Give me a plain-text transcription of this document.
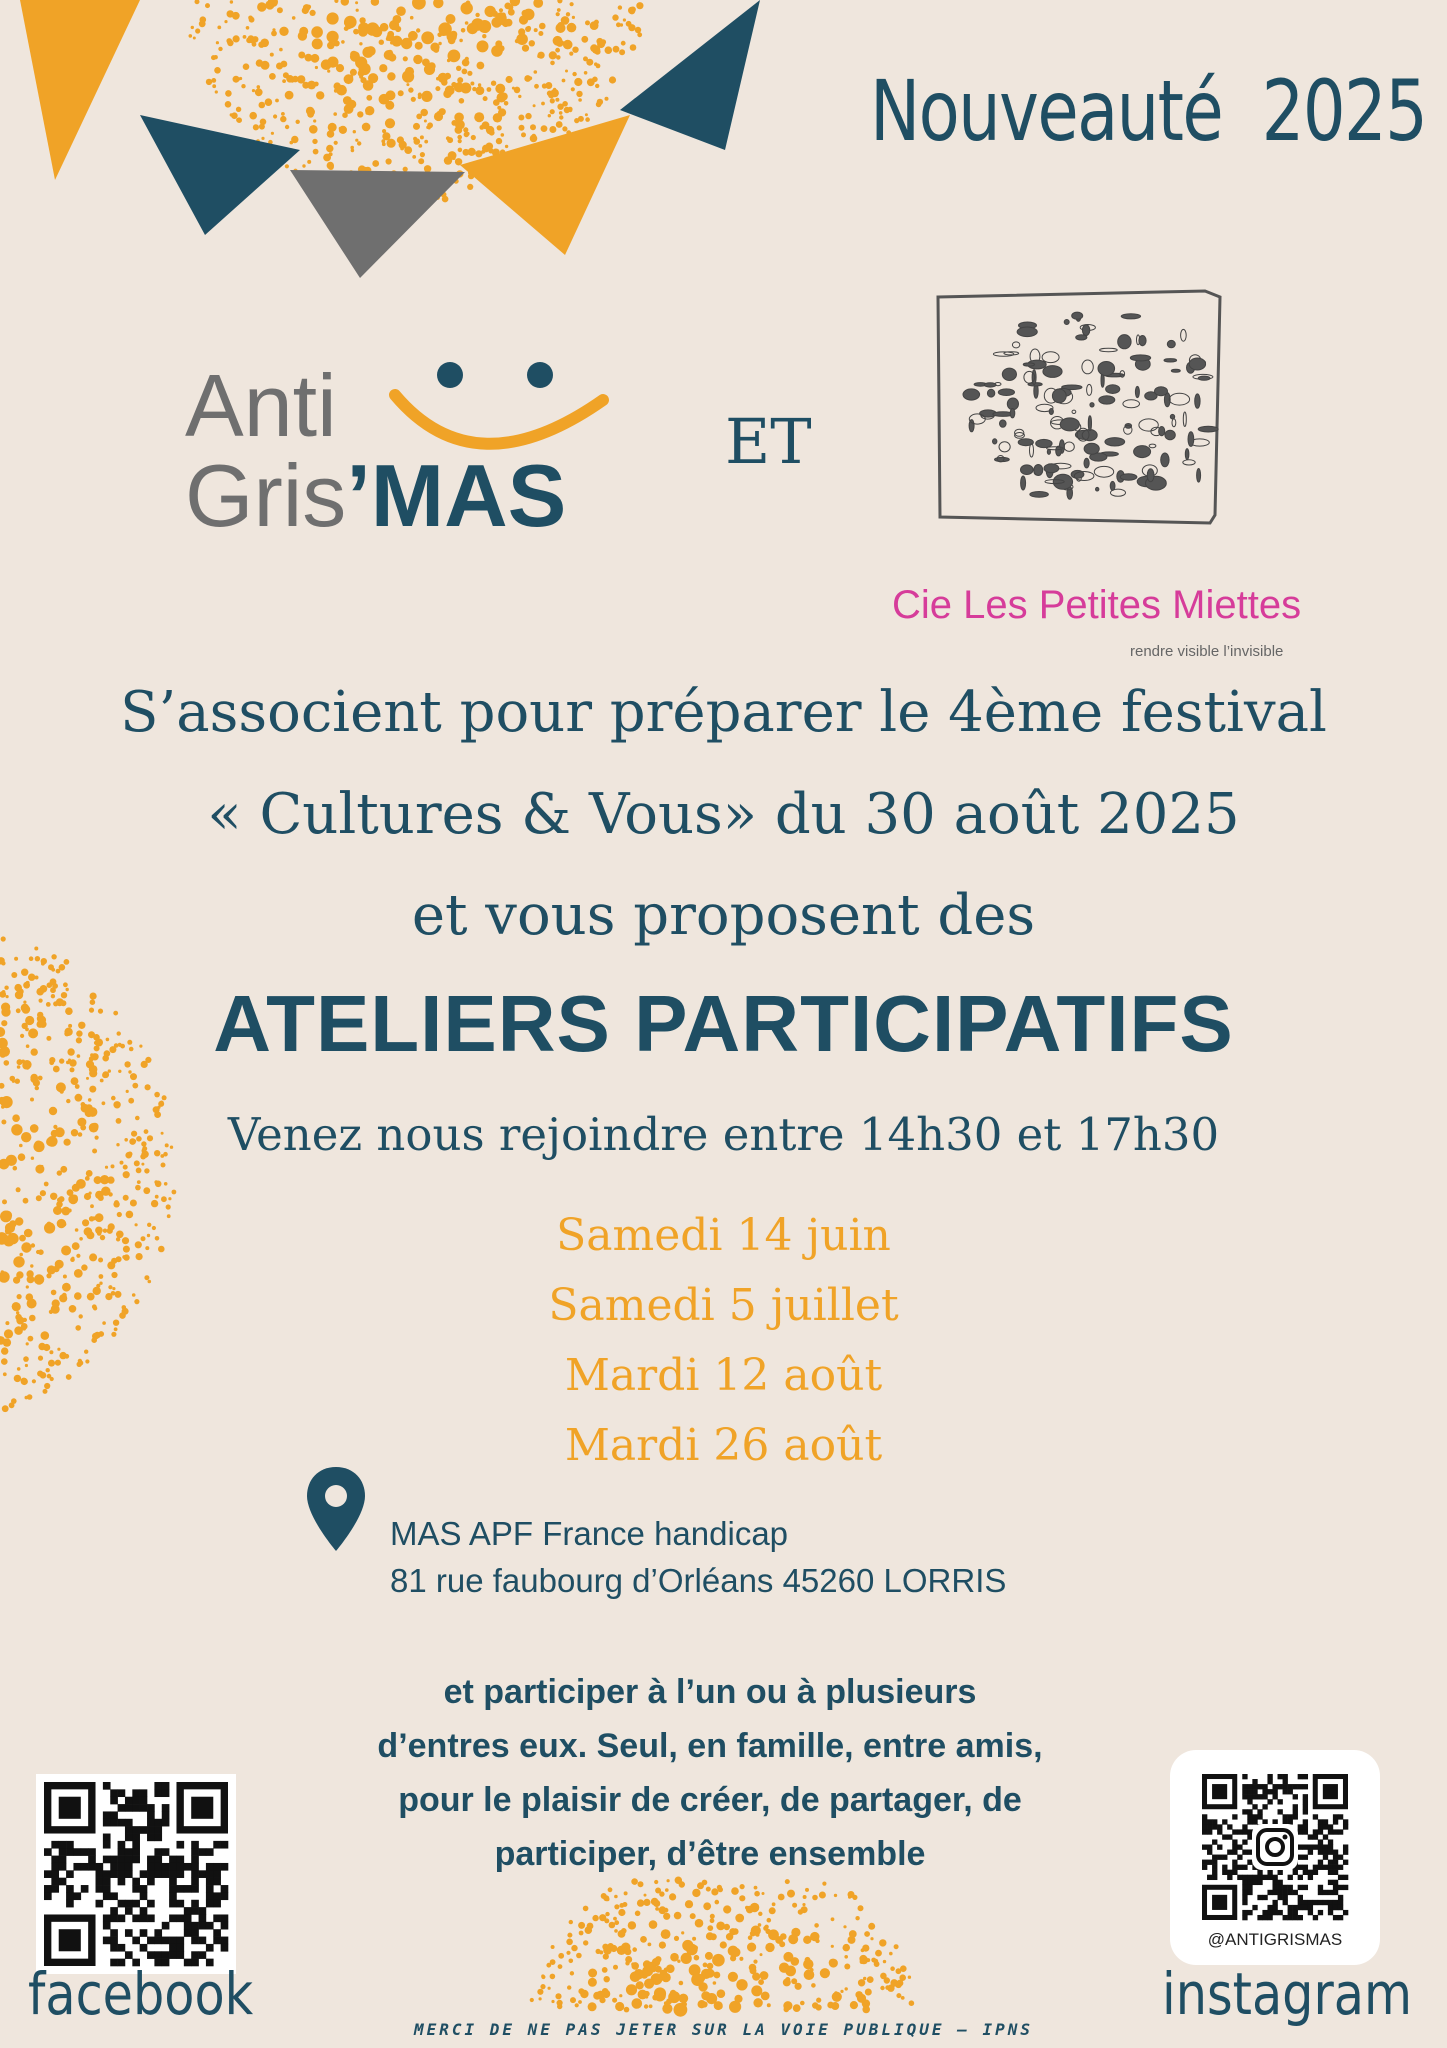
Nouveauté  2025
Anti
Gris’MAS
ET
Cie Les Petites Miettes
rendre visible l’invisible
S’associent pour préparer le 4ème festival
« Cultures & Vous» du 30 août 2025
et vous proposent des
ATELIERS PARTICIPATIFS
Venez nous rejoindre entre 14h30 et 17h30
Samedi 14 juin
Samedi 5 juillet
Mardi 12 août
Mardi 26 août
MAS APF France handicap
81 rue faubourg d’Orléans 45260 LORRIS
et participer à l’un ou à plusieurs
d’entres eux. Seul, en famille, entre amis,
pour le plaisir de créer, de partager, de
participer, d’être ensemble
facebook
@ANTIGRISMAS
instagram
MERCI DE NE PAS JETER SUR LA VOIE PUBLIQUE – IPNS
